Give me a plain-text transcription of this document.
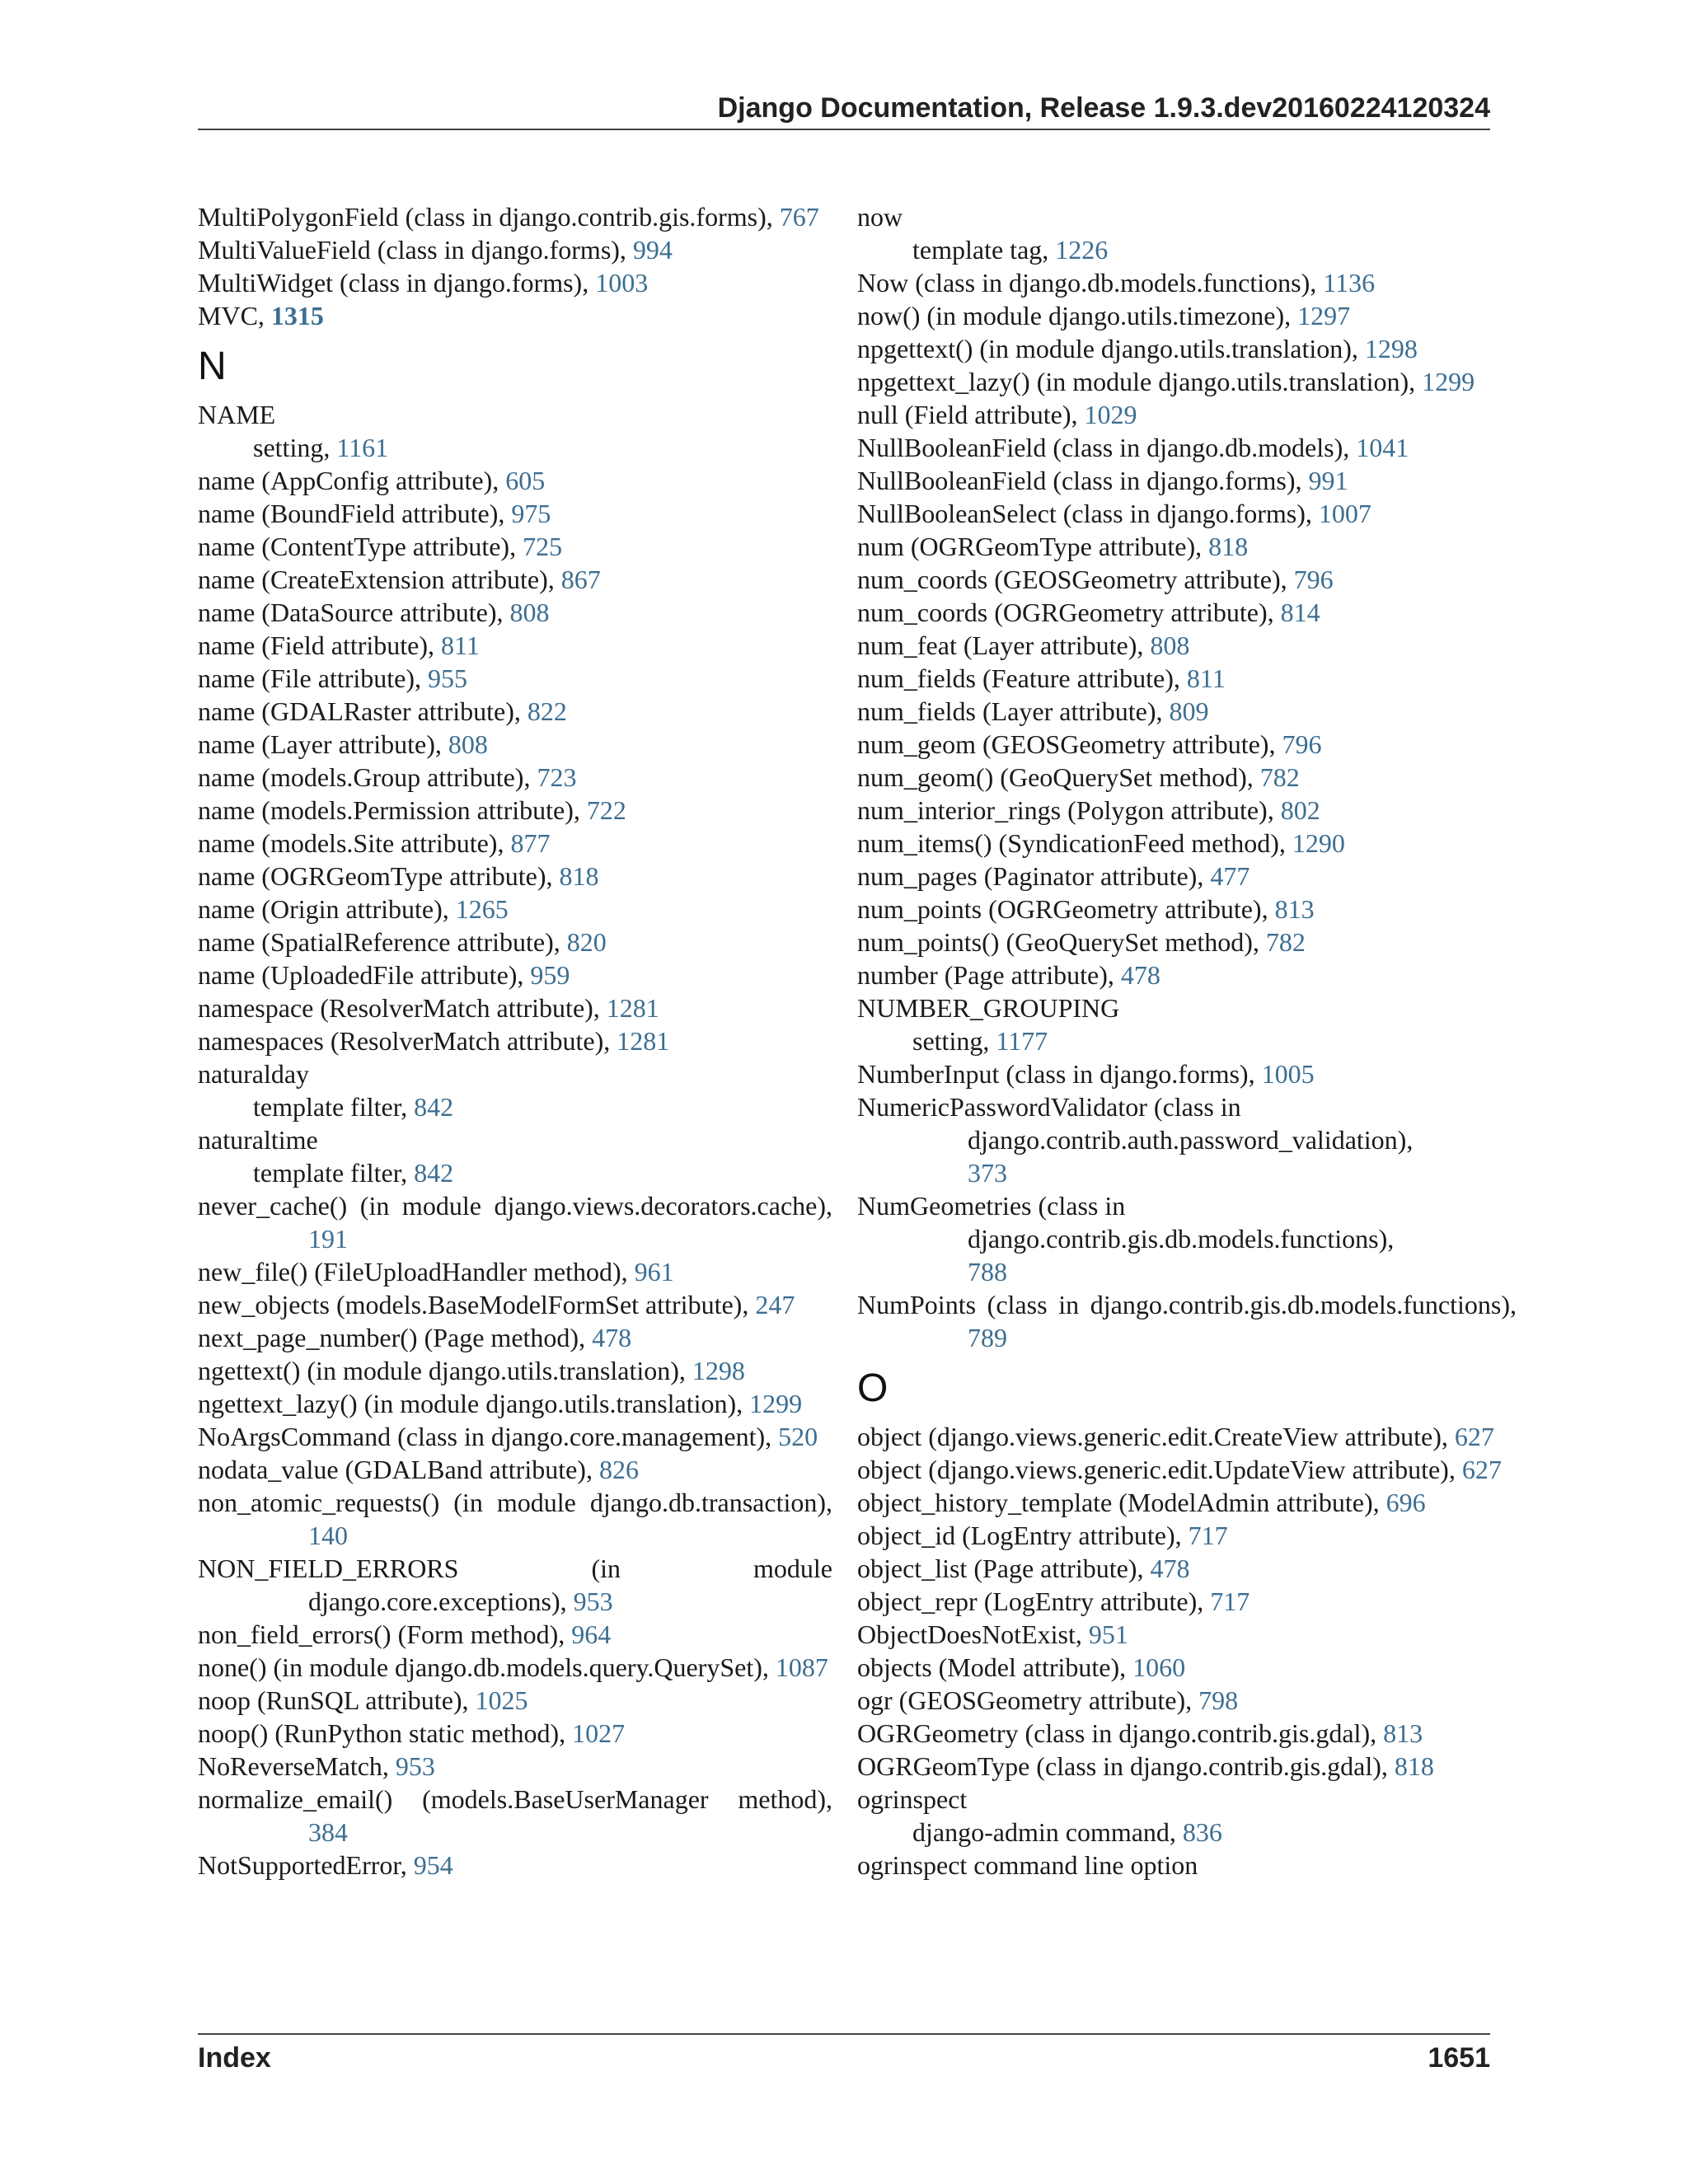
Django Documentation, Release 1.9.3.dev20160224120324
MultiPolygonField (class in django.contrib.gis.forms), 767
MultiValueField (class in django.forms), 994
MultiWidget (class in django.forms), 1003
MVC, 1315
N
NAME
setting, 1161
name (AppConfig attribute), 605
name (BoundField attribute), 975
name (ContentType attribute), 725
name (CreateExtension attribute), 867
name (DataSource attribute), 808
name (Field attribute), 811
name (File attribute), 955
name (GDALRaster attribute), 822
name (Layer attribute), 808
name (models.Group attribute), 723
name (models.Permission attribute), 722
name (models.Site attribute), 877
name (OGRGeomType attribute), 818
name (Origin attribute), 1265
name (SpatialReference attribute), 820
name (UploadedFile attribute), 959
namespace (ResolverMatch attribute), 1281
namespaces (ResolverMatch attribute), 1281
naturalday
template filter, 842
naturaltime
template filter, 842
never_cache() (in module django.views.decorators.cache), 191
new_file() (FileUploadHandler method), 961
new_objects (models.BaseModelFormSet attribute), 247
next_page_number() (Page method), 478
ngettext() (in module django.utils.translation), 1298
ngettext_lazy() (in module django.utils.translation), 1299
NoArgsCommand (class in django.core.management), 520
nodata_value (GDALBand attribute), 826
non_atomic_requests() (in module django.db.transaction), 140
NON_FIELD_ERRORS (in module django.core.exceptions), 953
non_field_errors() (Form method), 964
none() (in module django.db.models.query.QuerySet), 1087
noop (RunSQL attribute), 1025
noop() (RunPython static method), 1027
NoReverseMatch, 953
normalize_email() (models.BaseUserManager method), 384
NotSupportedError, 954
now
template tag, 1226
Now (class in django.db.models.functions), 1136
now() (in module django.utils.timezone), 1297
npgettext() (in module django.utils.translation), 1298
npgettext_lazy() (in module django.utils.translation), 1299
null (Field attribute), 1029
NullBooleanField (class in django.db.models), 1041
NullBooleanField (class in django.forms), 991
NullBooleanSelect (class in django.forms), 1007
num (OGRGeomType attribute), 818
num_coords (GEOSGeometry attribute), 796
num_coords (OGRGeometry attribute), 814
num_feat (Layer attribute), 808
num_fields (Feature attribute), 811
num_fields (Layer attribute), 809
num_geom (GEOSGeometry attribute), 796
num_geom() (GeoQuerySet method), 782
num_interior_rings (Polygon attribute), 802
num_items() (SyndicationFeed method), 1290
num_pages (Paginator attribute), 477
num_points (OGRGeometry attribute), 813
num_points() (GeoQuerySet method), 782
number (Page attribute), 478
NUMBER_GROUPING
setting, 1177
NumberInput (class in django.forms), 1005
NumericPasswordValidator (class in
django.contrib.auth.password_validation),
373
NumGeometries (class in
django.contrib.gis.db.models.functions),
788
NumPoints (class in django.contrib.gis.db.models.functions), 789
O
object (django.views.generic.edit.CreateView attribute), 627
object (django.views.generic.edit.UpdateView attribute), 627
object_history_template (ModelAdmin attribute), 696
object_id (LogEntry attribute), 717
object_list (Page attribute), 478
object_repr (LogEntry attribute), 717
ObjectDoesNotExist, 951
objects (Model attribute), 1060
ogr (GEOSGeometry attribute), 798
OGRGeometry (class in django.contrib.gis.gdal), 813
OGRGeomType (class in django.contrib.gis.gdal), 818
ogrinspect
django-admin command, 836
ogrinspect command line option
Index	1651
